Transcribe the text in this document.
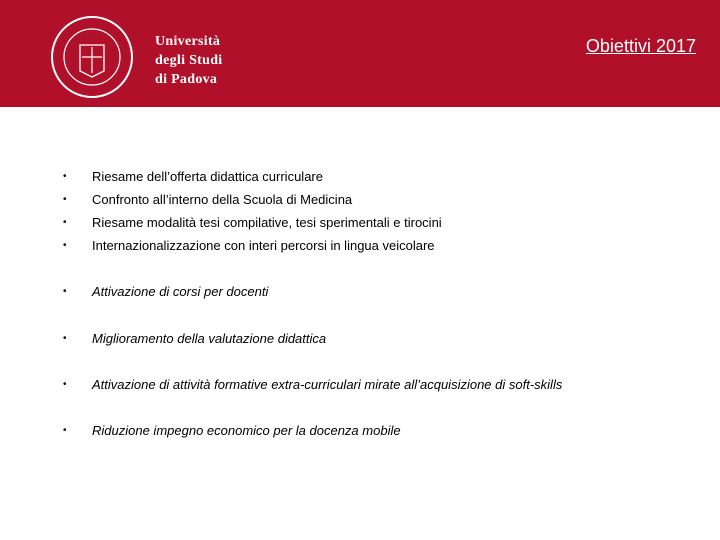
Università
degli Studi
di Padova
Obiettivi 2017
• Riesame dell’offerta didattica curriculare
• Confronto all’interno della Scuola di Medicina
• Riesame modalità tesi compilative, tesi sperimentali e tirocini
• Internazionalizzazione con interi percorsi in lingua veicolare
• Attivazione di corsi per docenti
• Miglioramento della valutazione didattica
• Attivazione di attività formative extra-curriculari mirate all’acquisizione di soft-skills
• Riduzione impegno economico per la docenza mobile
